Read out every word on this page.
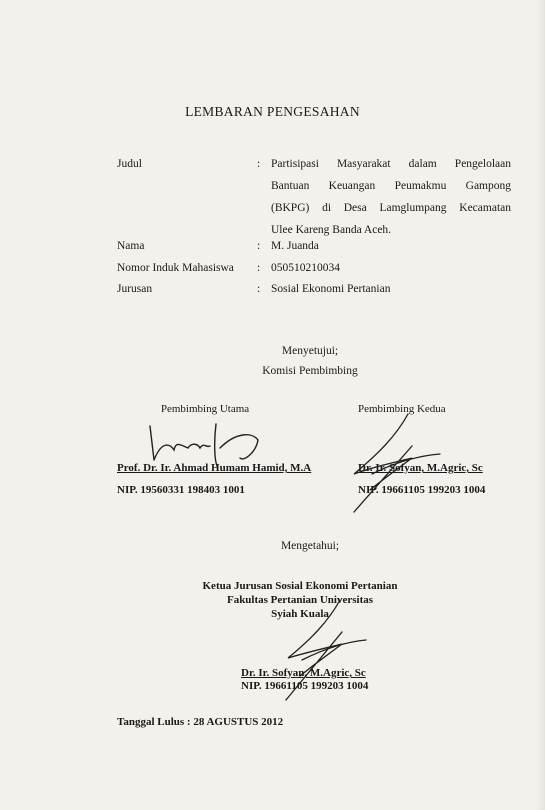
LEMBARAN PENGESAHAN
Judul	: Partisipasi Masyarakat dalam Pengelolaan
Bantuan Keuangan Peumakmu Gampong
(BKPG) di Desa Lamglumpang Kecamatan
Ulee Kareng Banda Aceh.
Nama	: M. Juanda
Nomor Induk Mahasiswa : 050510210034
Jurusan	: Sosial Ekonomi Pertanian
Menyetujui;
Komisi Pembimbing
Pembimbing Utama
Prof. Dr. Ir. Ahmad Humam Hamid, M.A
NIP. 19560331 198403 1001
Pembimbing Kedua
Dr. Ir. Sofyan, M.Agric, Sc
NIP. 19661105 199203 1004
Mengetahui;
Ketua Jurusan Sosial Ekonomi Pertanian
Fakultas Pertanian Universitas
Syiah Kuala
Dr. Ir. Sofyan, M.Agric, Sc
NIP. 19661105 199203 1004
Tanggal Lulus : 28 AGUSTUS 2012
